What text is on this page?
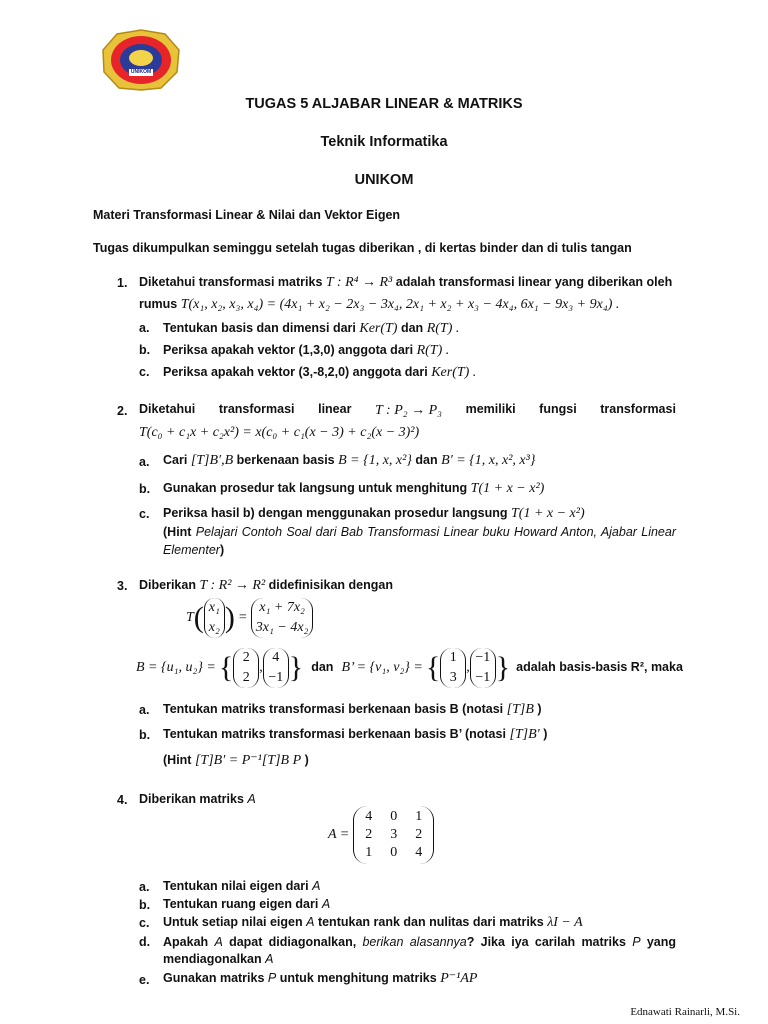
UNIKOM
TUGAS 5 ALJABAR LINEAR & MATRIKS
Teknik Informatika
UNIKOM
Materi Transformasi Linear & Nilai dan Vektor Eigen
Tugas dikumpulkan seminggu setelah tugas diberikan , di kertas binder dan di tulis tangan
1. Diketahui transformasi matriks T : R⁴ → R³ adalah transformasi linear yang diberikan oleh
rumus T(x₁, x₂, x₃, x₄) = (4x₁ + x₂ − 2x₃ − 3x₄, 2x₁ + x₂ + x₃ − 4x₄, 6x₁ − 9x₃ + 9x₄) .
a. Tentukan basis dan dimensi dari Ker(T) dan R(T) .
b. Periksa apakah vektor (1,3,0) anggota dari R(T) .
c. Periksa apakah vektor (3,-8,2,0) anggota dari Ker(T) .
2. Diketahui transformasi linear T : P₂ → P₃ memiliki fungsi transformasi
T(c₀ + c₁x + c₂x²) = x(c₀ + c₁(x − 3) + c₂(x − 3)²)
a. Cari [T]B′,B berkenaan basis B = {1, x, x²} dan B′ = {1, x, x², x³}
b. Gunakan prosedur tak langsung untuk menghitung T(1 + x − x²)
c. Periksa hasil b) dengan menggunakan prosedur langsung T(1 + x − x²)
(Hint Pelajari Contoh Soal dari Bab Transformasi Linear buku Howard Anton, Ajabar Linear Elementer)
3. Diberikan T : R² → R² didefinisikan dengan
T ( x₁
x₂ ) =
x₁ + 7x₂
3x₁ − 4x₂
B = {u₁, u₂} = { 2
2
,
4
−1 } dan B’ = {v₁, v₂} = { 1
3
,
−1
−1 } adalah basis-basis R², maka
a. Tentukan matriks transformasi berkenaan basis B (notasi [T]B )
b. Tentukan matriks transformasi berkenaan basis B’ (notasi [T]B′ )
(Hint [T]B′ = P⁻¹[T]B P )
4. Diberikan matriks A
A =
4	0	1
2	3	2
1	0	4
a. Tentukan nilai eigen dari A
b. Tentukan ruang eigen dari A
c. Untuk setiap nilai eigen A tentukan rank dan nulitas dari matriks λI − A
d. Apakah A dapat didiagonalkan, berikan alasannya? Jika iya carilah matriks P yang mendiagonalkan A
e. Gunakan matriks P untuk menghitung matriks P⁻¹AP
Ednawati Rainarli, M.Si.
